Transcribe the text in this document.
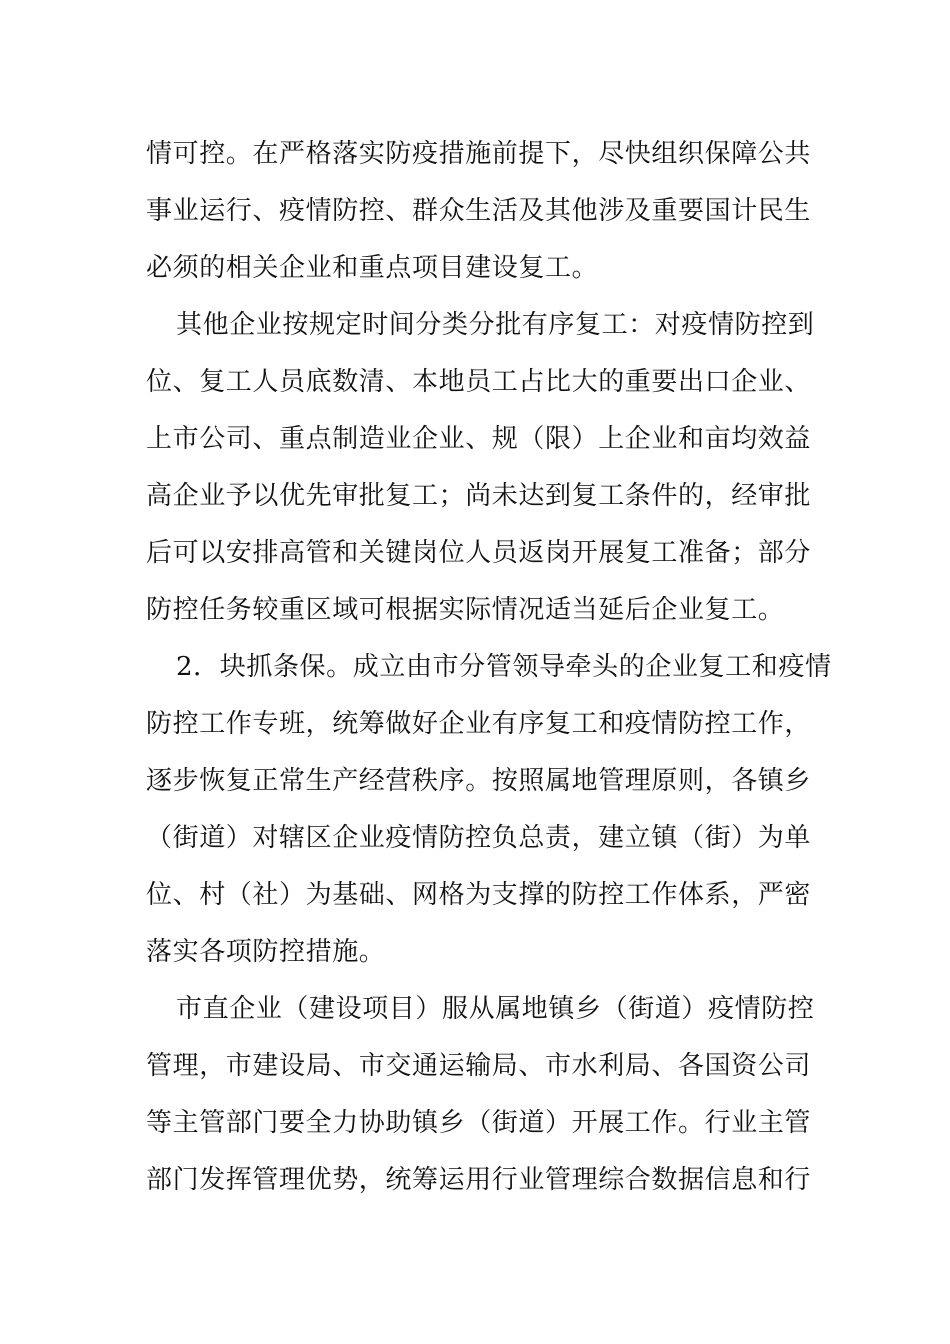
情可控。在严格落实防疫措施前提下，尽快组织保障公共
事业运行、疫情防控、群众生活及其他涉及重要国计民生
必须的相关企业和重点项目建设复工。
其他企业按规定时间分类分批有序复工：对疫情防控到
位、复工人员底数清、本地员工占比大的重要出口企业、
上市公司、重点制造业企业、规（限）上企业和亩均效益
高企业予以优先审批复工；尚未达到复工条件的，经审批
后可以安排高管和关键岗位人员返岗开展复工准备；部分
防控任务较重区域可根据实际情况适当延后企业复工。
2．块抓条保。成立由市分管领导牵头的企业复工和疫情
防控工作专班，统筹做好企业有序复工和疫情防控工作，
逐步恢复正常生产经营秩序。按照属地管理原则，各镇乡
（街道）对辖区企业疫情防控负总责，建立镇（街）为单
位、村（社）为基础、网格为支撑的防控工作体系，严密
落实各项防控措施。
市直企业（建设项目）服从属地镇乡（街道）疫情防控
管理，市建设局、市交通运输局、市水利局、各国资公司
等主管部门要全力协助镇乡（街道）开展工作。行业主管
部门发挥管理优势，统筹运用行业管理综合数据信息和行
